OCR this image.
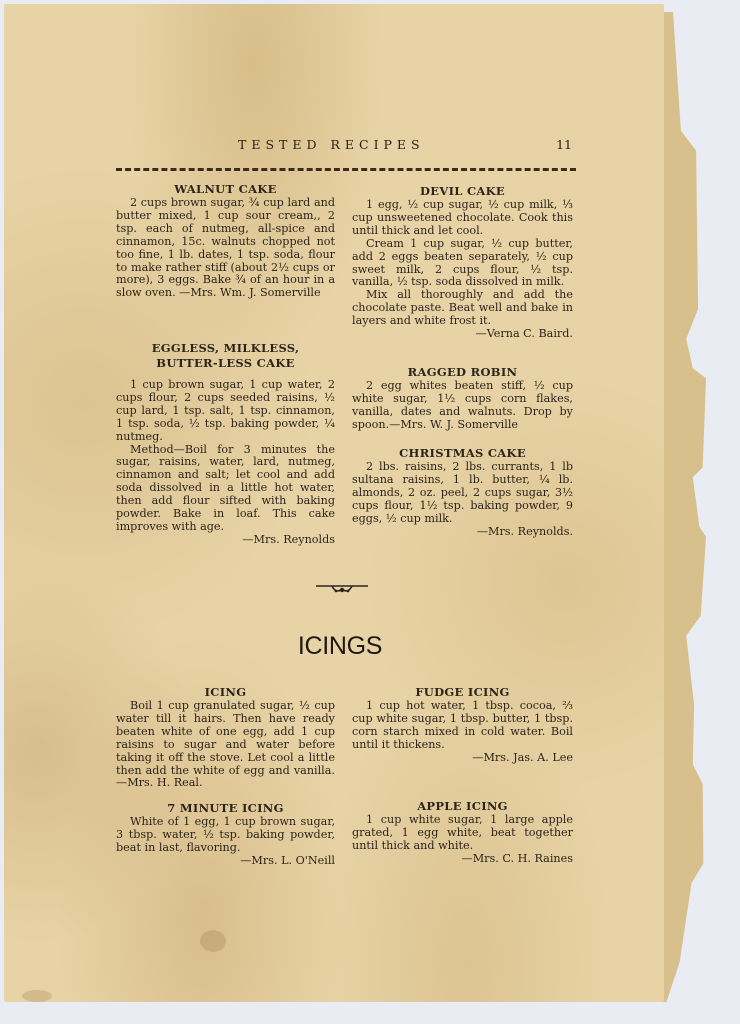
TESTED RECIPES	11
WALNUT CAKE

2 cups brown sugar, ¾ cup lard and butter mixed, 1 cup sour cream,, 2 tsp. each of nutmeg, all-spice and cinnamon, 15c. walnuts chopped not too fine, 1 lb. dates, 1 tsp. soda, flour to make rather stiff (about 2½ cups or more), 3 eggs. Bake ¾ of an hour in a slow oven. —Mrs. Wm. J. Somerville

EGGLESS, MILKLESS, BUTTER-LESS CAKE

1 cup brown sugar, 1 cup water, 2 cups flour, 2 cups seeded raisins, ½ cup lard, 1 tsp. salt, 1 tsp. cinnamon, 1 tsp. soda, ½ tsp. baking powder, ¼ nutmeg.

Method—Boil for 3 minutes the sugar, raisins, water, lard, nutmeg, cinnamon and salt; let cool and add soda dissolved in a little hot water, then add flour sifted with baking powder. Bake in loaf. This cake improves with age.

—Mrs. Reynolds

DEVIL CAKE

1 egg, ½ cup sugar, ½ cup milk, ⅓ cup unsweetened chocolate. Cook this until thick and let cool.

Cream 1 cup sugar, ½ cup butter, add 2 eggs beaten separately, ½ cup sweet milk, 2 cups flour, ½ tsp. vanilla, ½ tsp. soda dissolved in milk.

Mix all thoroughly and add the chocolate paste. Beat well and bake in layers and white frost it.

—Verna C. Baird.

RAGGED ROBIN

2 egg whites beaten stiff, ½ cup white sugar, 1½ cups corn flakes, vanilla, dates and walnuts. Drop by spoon.—Mrs. W. J. Somerville

CHRISTMAS CAKE

2 lbs. raisins, 2 lbs. currants, 1 lb sultana raisins, 1 lb. butter, ¼ lb. almonds, 2 oz. peel, 2 cups sugar, 3½ cups flour, 1½ tsp. baking powder, 9 eggs, ½ cup milk.

—Mrs. Reynolds.

ICINGS
ICING

Boil 1 cup granulated sugar, ½ cup water till it hairs. Then have ready beaten white of one egg, add 1 cup raisins to sugar and water before taking it off the stove. Let cool a little then add the white of egg and vanilla. —Mrs. H. Real.

7 MINUTE ICING

White of 1 egg, 1 cup brown sugar, 3 tbsp. water, ½ tsp. baking powder, beat in last, flavoring.

—Mrs. L. O'Neill

FUDGE ICING

1 cup hot water, 1 tbsp. cocoa, ⅔ cup white sugar, 1 tbsp. butter, 1 tbsp. corn starch mixed in cold water. Boil until it thickens.

—Mrs. Jas. A. Lee

APPLE ICING

1 cup white sugar, 1 large apple grated, 1 egg white, beat together until thick and white.

—Mrs. C. H. Raines
